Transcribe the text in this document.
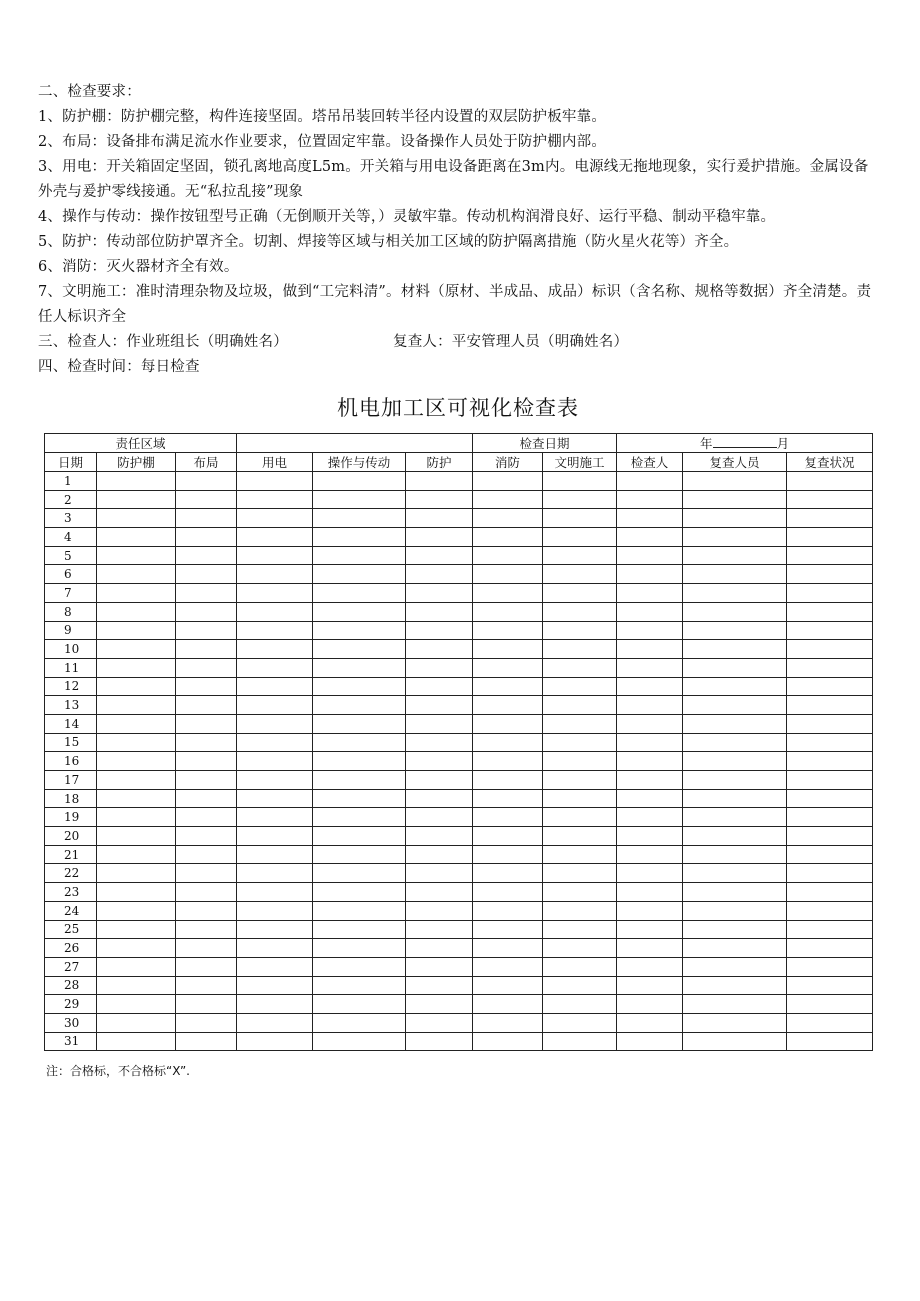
二、检查要求：
1、防护棚：防护棚完整，构件连接坚固。塔吊吊装回转半径内设置的双层防护板牢靠。
2、布局：设备排布满足流水作业要求，位置固定牢靠。设备操作人员处于防护棚内部。
3、用电：开关箱固定坚固，锁孔离地高度L5m。开关箱与用电设备距离在3m内。电源线无拖地现象，实行爰护措施。金属设备外壳与爰护零线接通。无“私拉乱接”现象
4、操作与传动：操作按钮型号正确（无倒顺开关等，）灵敏牢靠。传动机构润滑良好、运行平稳、制动平稳牢靠。
5、防护：传动部位防护罩齐全。切割、焊接等区域与相关加工区域的防护隔离措施（防火星火花等）齐全。
6、消防：灭火器材齐全有效。
7、文明施工：准时清理杂物及垃圾，做到“工完料清”。材料（原材、半成品、成品）标识（含名称、规格等数据）齐全清楚。责任人标识齐全
三、检查人：作业班组长（明确姓名）	复查人：平安管理人员（明确姓名）
四、检查时间：每日检查
机电加工区可视化检查表
责任区域						检查日期		年 月		
日期	防护棚	布局	用电	操作与传动	防护	消防	文明施工	检查人	复查人员	复查状况
1										
2										
3										
4										
5										
6										
7										
8										
9										
10										
11										
12										
13										
14										
15										
16										
17										
18										
19										
20										
21										
22										
23										
24										
25										
26										
27										
28										
29										
30										
31										
注：合格标，不合格标“X”.
